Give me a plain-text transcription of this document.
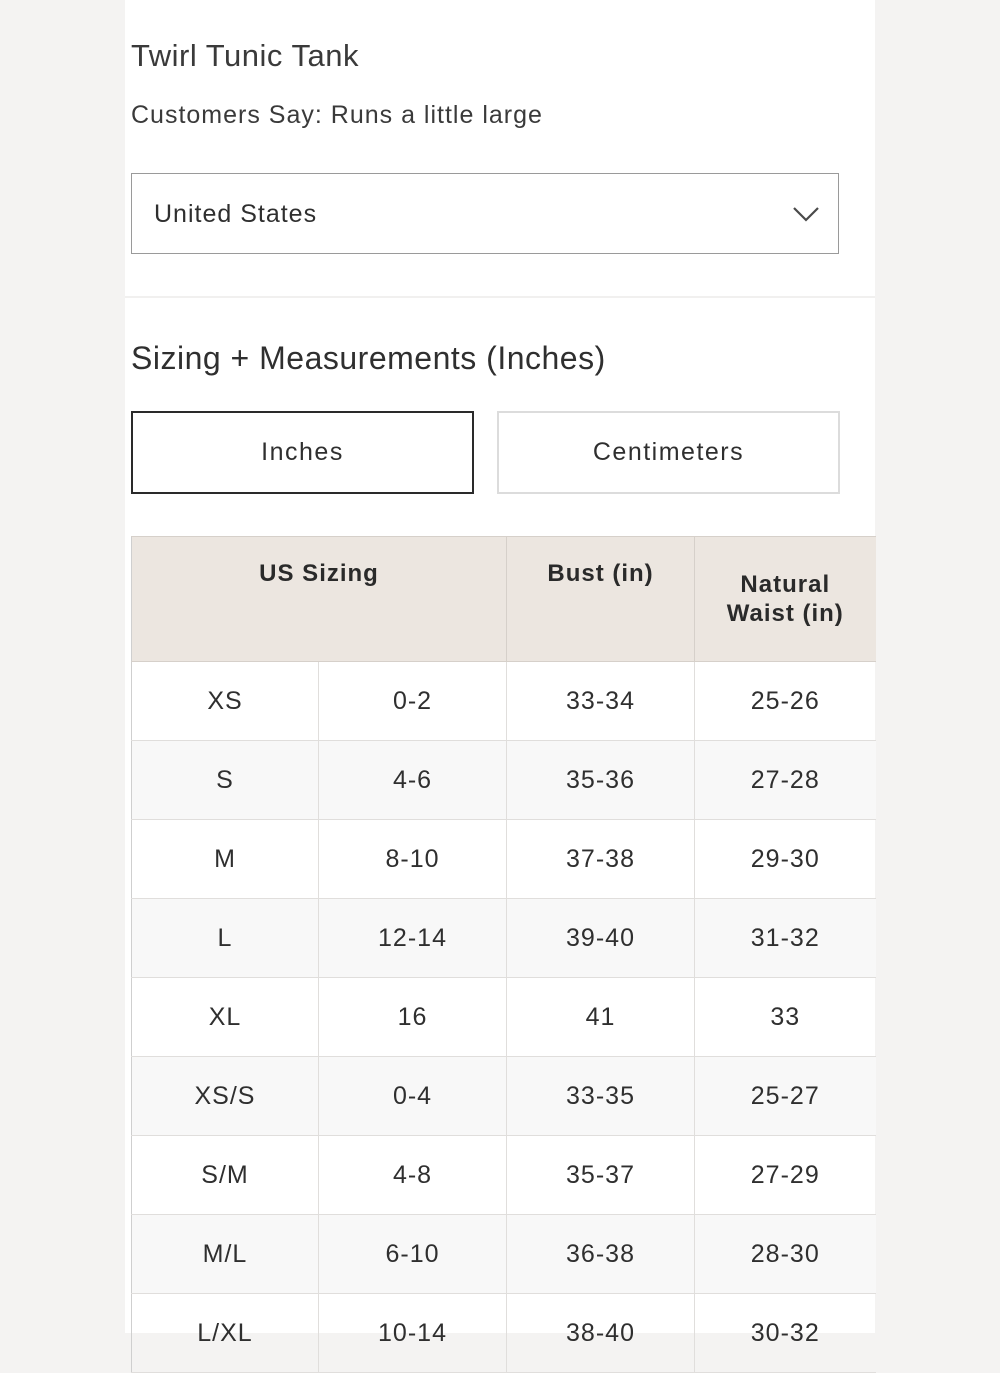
Twirl Tunic Tank
Customers Say: Runs a little large
United States
Sizing + Measurements (Inches)
Inches	Centimeters
US Sizing		Bust (in)	Natural Waist (in)
XS	0-2	33-34	25-26
S	4-6	35-36	27-28
M	8-10	37-38	29-30
L	12-14	39-40	31-32
XL	16	41	33
XS/S	0-4	33-35	25-27
S/M	4-8	35-37	27-29
M/L	6-10	36-38	28-30
L/XL	10-14	38-40	30-32
